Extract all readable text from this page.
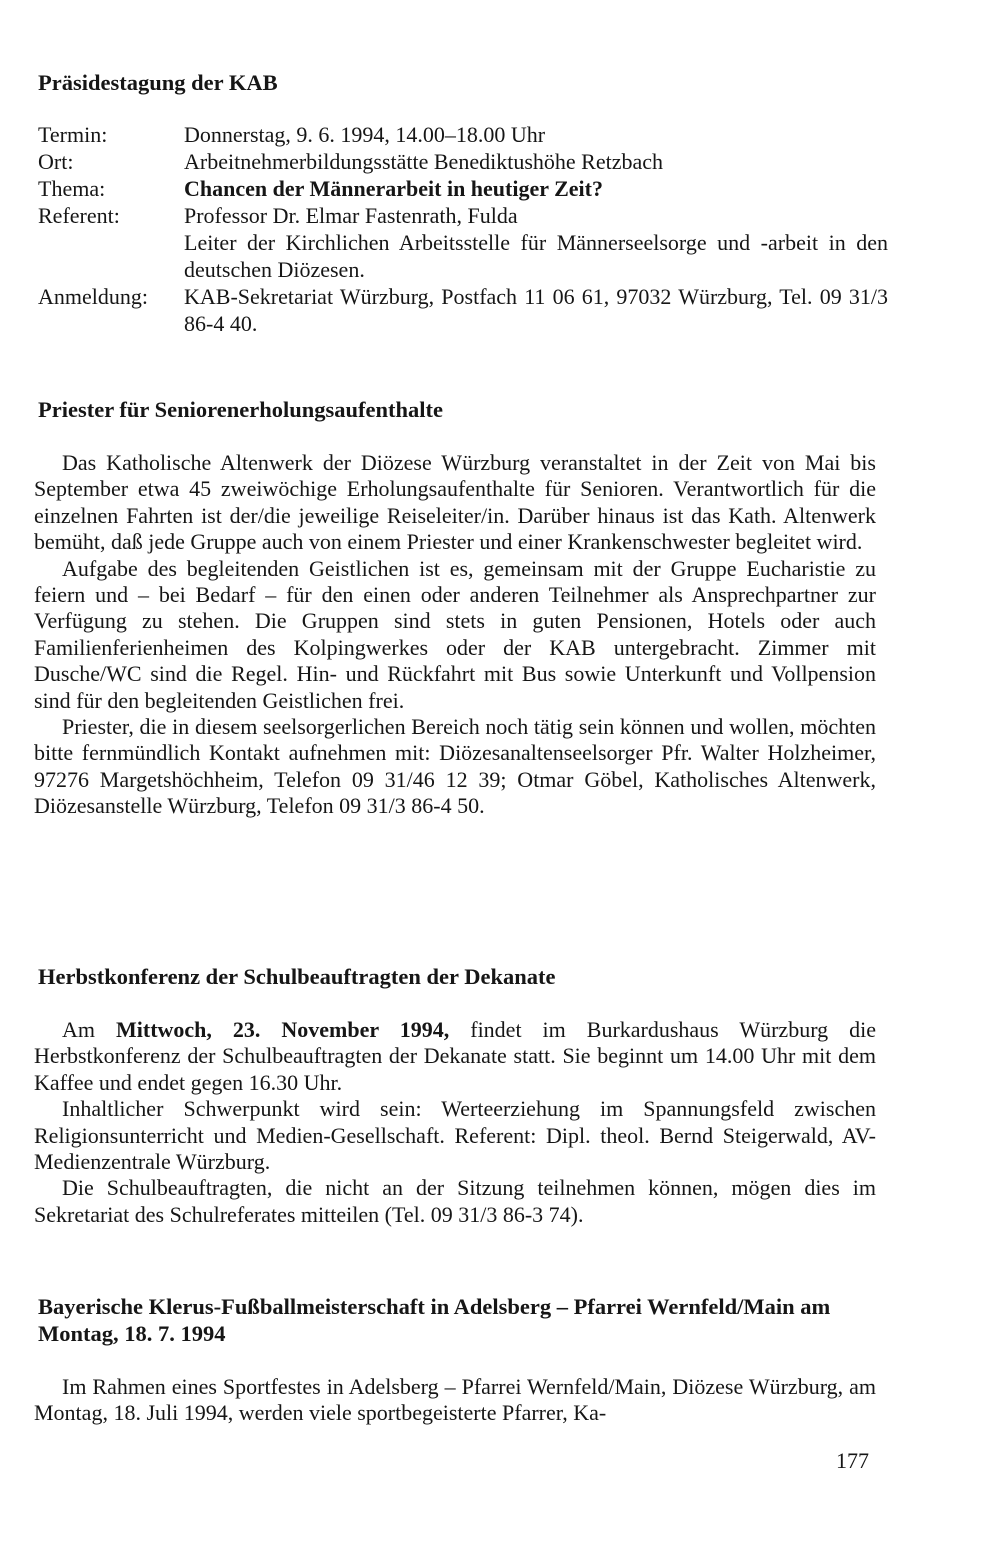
Präsidestagung der KAB
Termin:	Donnerstag, 9. 6. 1994, 14.00–18.00 Uhr
Ort:	Arbeitnehmerbildungsstätte Benediktushöhe Retzbach
Thema:	Chancen der Männerarbeit in heutiger Zeit?
Referent:	Professor Dr. Elmar Fastenrath, Fulda
Leiter der Kirchlichen Arbeitsstelle für Männerseelsorge und -arbeit in den deutschen Diözesen.

Anmeldung:	KAB-Sekretariat Würzburg, Postfach 11 06 61, 97032 Würzburg, Tel. 09 31/3 86-4 40.
Priester für Seniorenerholungsaufenthalte

Das Katholische Altenwerk der Diözese Würzburg veranstaltet in der Zeit von Mai bis September etwa 45 zweiwöchige Erholungsaufenthalte für Senioren. Verantwortlich für die einzelnen Fahrten ist der/die jeweilige Reiseleiter/in. Darüber hinaus ist das Kath. Altenwerk bemüht, daß jede Gruppe auch von einem Priester und einer Krankenschwester begleitet wird.

Aufgabe des begleitenden Geistlichen ist es, gemeinsam mit der Gruppe Eucharistie zu feiern und – bei Bedarf – für den einen oder anderen Teilnehmer als Ansprechpartner zur Verfügung zu stehen. Die Gruppen sind stets in guten Pensionen, Hotels oder auch Familienferienheimen des Kolpingwerkes oder der KAB untergebracht. Zimmer mit Dusche/WC sind die Regel. Hin- und Rückfahrt mit Bus sowie Unterkunft und Vollpension sind für den begleitenden Geistlichen frei.

Priester, die in diesem seelsorgerlichen Bereich noch tätig sein können und wollen, möchten bitte fernmündlich Kontakt aufnehmen mit: Diözesanaltenseelsorger Pfr. Walter Holzheimer, 97276 Margetshöchheim, Telefon 09 31/46 12 39; Otmar Göbel, Katholisches Altenwerk, Diözesanstelle Würzburg, Telefon 09 31/3 86-4 50.

Herbstkonferenz der Schulbeauftragten der Dekanate

Am Mittwoch, 23. November 1994, findet im Burkardushaus Würzburg die Herbstkonferenz der Schulbeauftragten der Dekanate statt. Sie beginnt um 14.00 Uhr mit dem Kaffee und endet gegen 16.30 Uhr.

Inhaltlicher Schwerpunkt wird sein: Werteerziehung im Spannungsfeld zwischen Religionsunterricht und Medien-Gesellschaft. Referent: Dipl. theol. Bernd Steigerwald, AV-Medienzentrale Würzburg.

Die Schulbeauftragten, die nicht an der Sitzung teilnehmen können, mögen dies im Sekretariat des Schulreferates mitteilen (Tel. 09 31/3 86-3 74).

Bayerische Klerus-Fußballmeisterschaft in Adelsberg – Pfarrei Wernfeld/Main am Montag, 18. 7. 1994

Im Rahmen eines Sportfestes in Adelsberg – Pfarrei Wernfeld/Main, Diözese Würzburg, am Montag, 18. Juli 1994, werden viele sportbegeisterte Pfarrer, Ka-

177
